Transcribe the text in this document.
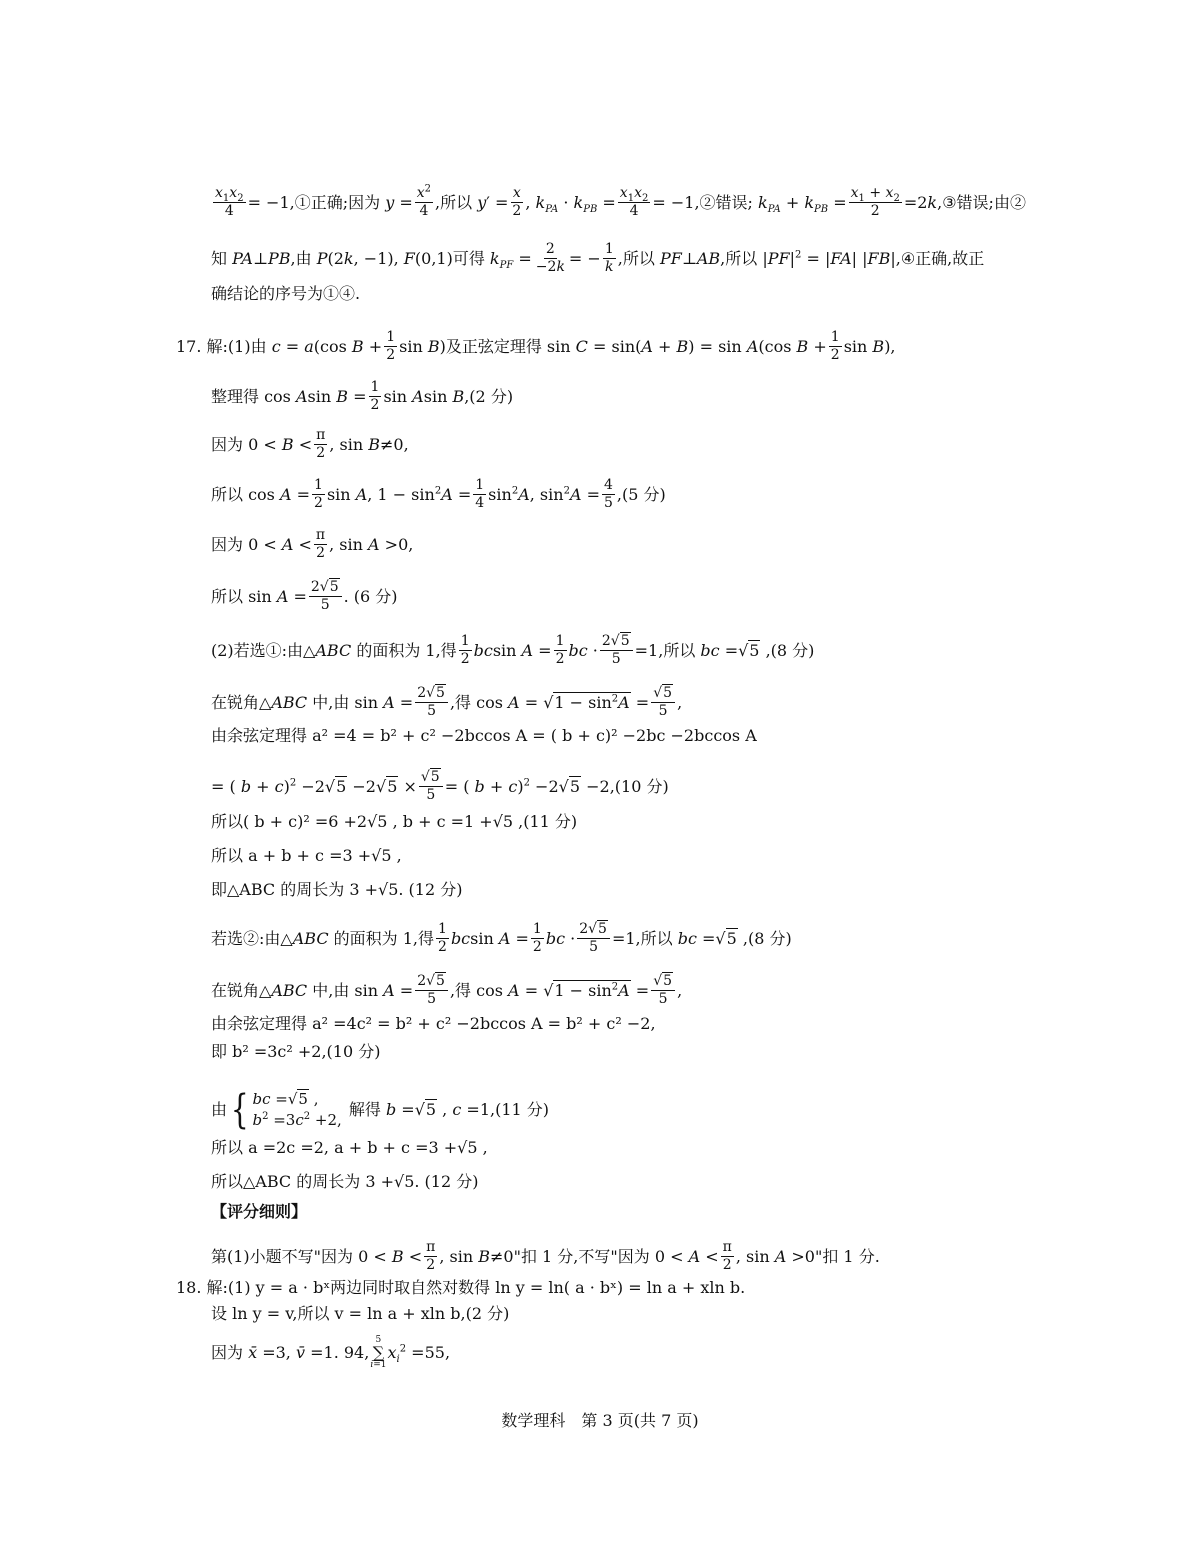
$\frac{x_1x_2}{4}$ = −1,①正确;因为 $y = \frac{x^2}{4}$ ,所以 $y' = \frac{x}{2}$ , $k_{PA} \cdot k_{PB} = \frac{x_1x_2}{4}$ = −1,②错误; $k_{PA} + k_{PB} = \frac{x_1 + x_2}{2}$ =2k,③错误;由②
知 PA⊥PB,由 P(2k, −1), F(0,1)可得 $k_{PF} = \frac{2}{-2k}$ = − $\frac{1}{k}$ ,所以 PF⊥AB,所以 $|PF|^2 = |FA|$ |FB|,④正确,故正
确结论的序号为①④.
17. 解:(1)由 c = a(cos $B + \frac{1}{2}$ sin B)及正弦定理得 sin C = sin(A + B) = sin A(cos $B + \frac{1}{2}$ sin B),
整理得 cos Asin $B = \frac{1}{2}$ sin Asin B,(2 分)
因为 $0 < B < \frac{\pi}{2}$ , sin B≠0,
所以 $\cos A = \frac{1}{2}$ sin A, $1 - \sin^2A = \frac{1}{4} \sin^2A$, $\sin^2A = \frac{4}{5} ,(5$ 分)
因为 $0 < A < \frac{\pi}{2}$ , sin A >0,
所以 $\sin A = \frac{2√5}{5}$ . (6 分)
(2)若选①:由△ABC 的面积为 1,得 $\frac{1}{2}$ bcsin $A = \frac{1}{2}$ bc · $\frac{2√5}{5} =1$,所以 bc =√5 ,(8 分)
在锐角△ABC 中,由 $\sin A = \frac{2√5}{5}$ ,得 $\cos A = √1 - \sin^2A = \frac{√5}{5}$ ,
由余弦定理得 a² =4 = b² + c² −2bccos A = ( b + c)² −2bc −2bccos A
= ( $b + c)^2 -2√5 -2√5 \times \frac{√5}{5}$ = ( b + c)$^2$ −2√5 −2,(10 分)
所以( b + c)² =6 +2√5 , b + c =1 +√5 ,(11 分)
所以 a + b + c =3 +√5 ,
即△ABC 的周长为 3 +√5. (12 分)
若选②:由△ABC 的面积为 1,得 $\frac{1}{2}$ bcsin $A = \frac{1}{2}$ bc · $\frac{2√5}{5} =1$,所以 bc =√5 ,(8 分)
在锐角△ABC 中,由 $\sin A = \frac{2√5}{5}$ ,得 $\cos A = √1 - \sin^2A = \frac{√5}{5}$ ,
由余弦定理得 a² =4c² = b² + c² −2bccos A = b² + c² −2,
即 b² =3c² +2,(10 分)
由 { bc =√5 ,
$b^2 =3c^2 +2$,
解得 b =√5 , c =1,(11 分)
所以 a =2c =2, a + b + c =3 +√5 ,
所以△ABC 的周长为 3 +√5. (12 分)
【评分细则】
第(1)小题不写"因为 $0 < B < \frac{\pi}{2}$ , sin B≠0"扣 1 分,不写"因为 $0 < A < \frac{\pi}{2}$ , sin A >0"扣 1 分.
18. 解:(1) y = a · bˣ两边同时取自然对数得 ln y = ln( a · bˣ) = ln a + xln b.
设 ln y = v,所以 v = ln a + xln b,(2 分)
因为 x̄ =3, v̄ =1. 94,
5
∑
i=1
$x_i^2 =55$,
数学理科　第 3 页(共 7 页)
